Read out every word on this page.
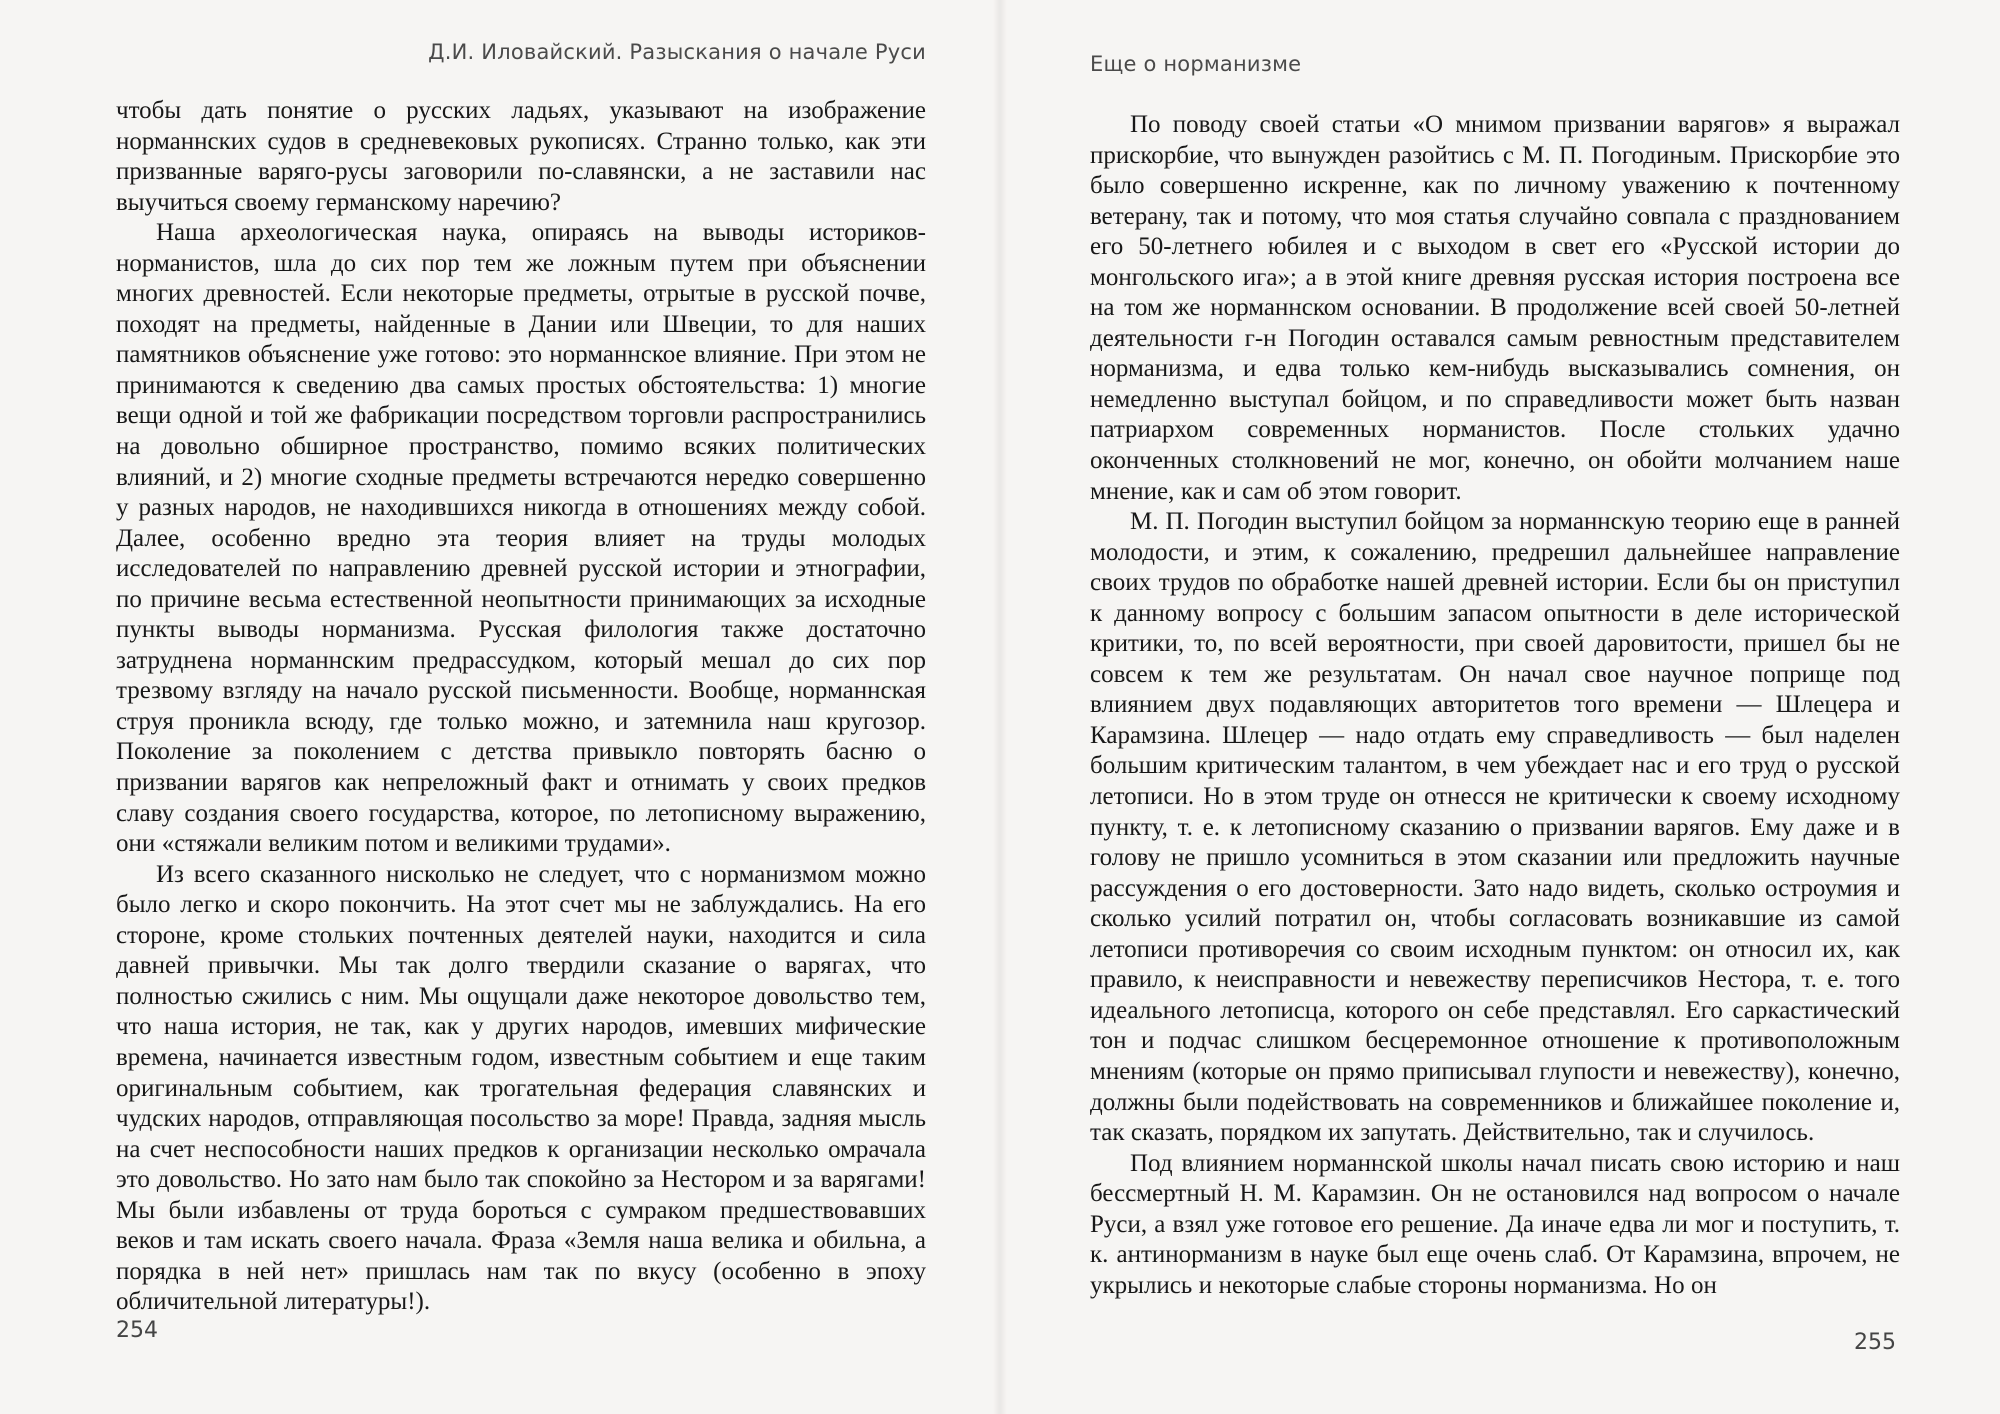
Д.И. Иловайский. Разыскания о начале Руси

чтобы дать понятие о русских ладьях, указывают на изображение норманнских судов в средневековых рукописях. Странно только, как эти призванные варяго-русы заговорили по-славянски, а не заставили нас выучиться своему германскому наречию?

Наша археологическая наука, опираясь на выводы историков-норманистов, шла до сих пор тем же ложным путем при объяснении многих древностей. Если некоторые предметы, отрытые в русской почве, походят на предметы, найденные в Дании или Швеции, то для наших памятников объяснение уже готово: это норманнское влияние. При этом не принимаются к сведению два самых простых обстоятельства: 1) многие вещи одной и той же фабрикации посредством торговли распространились на довольно обширное пространство, помимо всяких политических влияний, и 2) многие сходные предметы встречаются нередко совершенно у разных народов, не находившихся никогда в отношениях между собой. Далее, особенно вредно эта теория влияет на труды молодых исследователей по направлению древней русской истории и этнографии, по причине весьма естественной неопытности принимающих за исходные пункты выводы норманизма. Русская филология также достаточно затруднена норманнским предрассудком, который мешал до сих пор трезвому взгляду на начало русской письменности. Вообще, норманнская струя проникла всюду, где только можно, и затемнила наш кругозор. Поколение за поколением с детства привыкло повторять басню о призвании варягов как непреложный факт и отнимать у своих предков славу создания своего государства, которое, по летописному выражению, они «стяжали великим потом и великими трудами».

Из всего сказанного нисколько не следует, что с норманизмом можно было легко и скоро покончить. На этот счет мы не заблуждались. На его стороне, кроме стольких почтенных деятелей науки, находится и сила давней привычки. Мы так долго твердили сказание о варягах, что полностью сжились с ним. Мы ощущали даже некоторое довольство тем, что наша история, не так, как у других народов, имевших мифические времена, начинается известным годом, известным событием и еще таким оригинальным событием, как трогательная федерация славянских и чудских народов, отправляющая посольство за море! Правда, задняя мысль на счет неспособности наших предков к организации несколько омрачала это довольство. Но зато нам было так спокойно за Нестором и за варягами! Мы были избавлены от труда бороться с сумраком предшествовавших веков и там искать своего начала. Фраза «Земля наша велика и обильна, а порядка в ней нет» пришлась нам так по вкусу (особенно в эпоху обличительной литературы!).

254
Еще о норманизме

По поводу своей статьи «О мнимом призвании варягов» я выражал прискорбие, что вынужден разойтись с М. П. Погодиным. Прискорбие это было совершенно искренне, как по личному уважению к почтенному ветерану, так и потому, что моя статья случайно совпала с празднованием его 50-летнего юбилея и с выходом в свет его «Русской истории до монгольского ига»; а в этой книге древняя русская история построена все на том же норманнском основании. В продолжение всей своей 50-летней деятельности г-н Погодин оставался самым ревностным представителем норманизма, и едва только кем-нибудь высказывались сомнения, он немедленно выступал бойцом, и по справедливости может быть назван патриархом современных норманистов. После стольких удачно оконченных столкновений не мог, конечно, он обойти молчанием наше мнение, как и сам об этом говорит.

М. П. Погодин выступил бойцом за норманнскую теорию еще в ранней молодости, и этим, к сожалению, предрешил дальнейшее направление своих трудов по обработке нашей древней истории. Если бы он приступил к данному вопросу с большим запасом опытности в деле исторической критики, то, по всей вероятности, при своей даровитости, пришел бы не совсем к тем же результатам. Он начал свое научное поприще под влиянием двух подавляющих авторитетов того времени — Шлецера и Карамзина. Шлецер — надо отдать ему справедливость — был наделен большим критическим талантом, в чем убеждает нас и его труд о русской летописи. Но в этом труде он отнесся не критически к своему исходному пункту, т. е. к летописному сказанию о призвании варягов. Ему даже и в голову не пришло усомниться в этом сказании или предложить научные рассуждения о его достоверности. Зато надо видеть, сколько остроумия и сколько усилий потратил он, чтобы согласовать возникавшие из самой летописи противоречия со своим исходным пунктом: он относил их, как правило, к неисправности и невежеству переписчиков Нестора, т. е. того идеального летописца, которого он себе представлял. Его саркастический тон и подчас слишком бесцеремонное отношение к противоположным мнениям (которые он прямо приписывал глупости и невежеству), конечно, должны были подействовать на современников и ближайшее поколение и, так сказать, порядком их запутать. Действительно, так и случилось.

Под влиянием норманнской школы начал писать свою историю и наш бессмертный Н. М. Карамзин. Он не остановился над вопросом о начале Руси, а взял уже готовое его решение. Да иначе едва ли мог и поступить, т. к. антинорманизм в науке был еще очень слаб. От Карамзина, впрочем, не укрылись и некоторые слабые стороны норманизма. Но он

255
